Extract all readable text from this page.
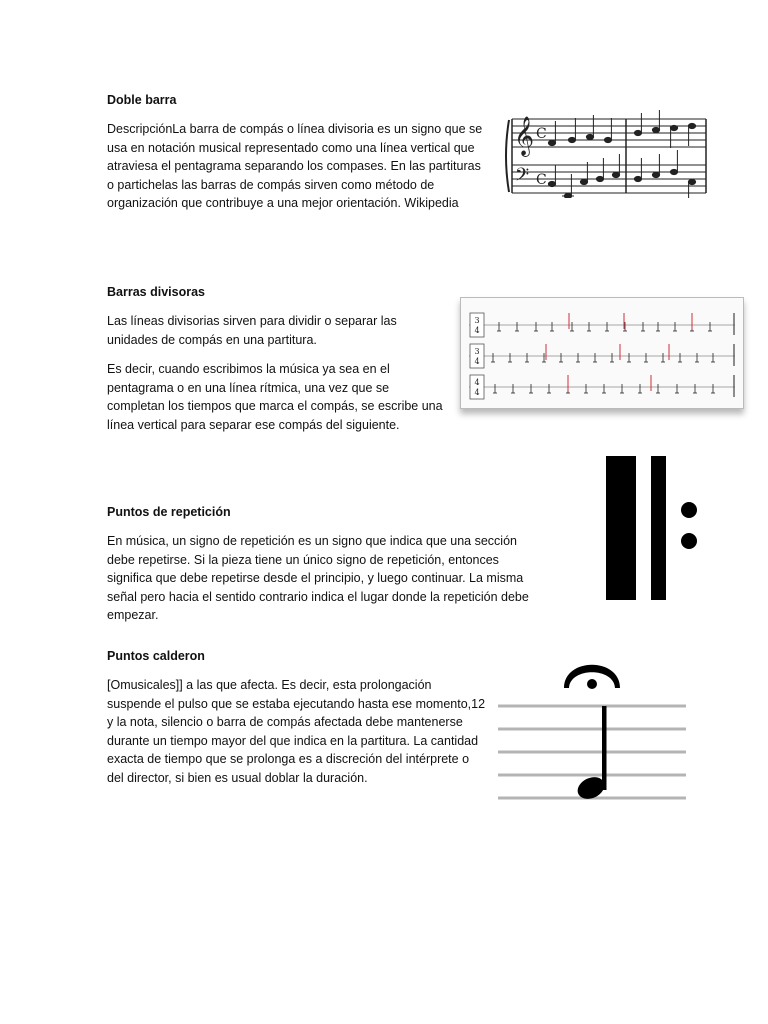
Doble barra

DescripciónLa barra de compás o línea divisoria es un signo que se usa en notación musical representado como una línea vertical que atraviesa el pentagrama separando los compases. En las partituras o partichelas las barras de compás sirven como método de organización que contribuye a una mejor orientación. Wikipedia

𝄞
𝄢
C
C
Barras divisoras

Las líneas divisorias sirven para dividir o separar las unidades de compás en una partitura.

Es decir, cuando escribimos la música ya sea en el pentagrama o en una línea rítmica, una vez que se completan los tiempos que marca el compás, se escribe una línea vertical para separar ese compás del siguiente.

3
4
3
4
4
4
Puntos de repetición

En música, un signo de repetición es un signo que indica que una sección debe repetirse. Si la pieza tiene un único signo de repetición, entonces significa que debe repetirse desde el principio, y luego continuar. La misma señal pero hacia el sentido contrario indica el lugar donde la repetición debe empezar.

Puntos calderon

[Omusicales]] a las que afecta. Es decir, esta prolongación suspende el pulso que se estaba ejecutando hasta ese momento,12 y la nota, silencio o barra de compás afectada debe mantenerse durante un tiempo mayor del que indica en la partitura. La cantidad exacta de tiempo que se prolonga es a discreción del intérprete o del director, si bien es usual doblar la duración.
